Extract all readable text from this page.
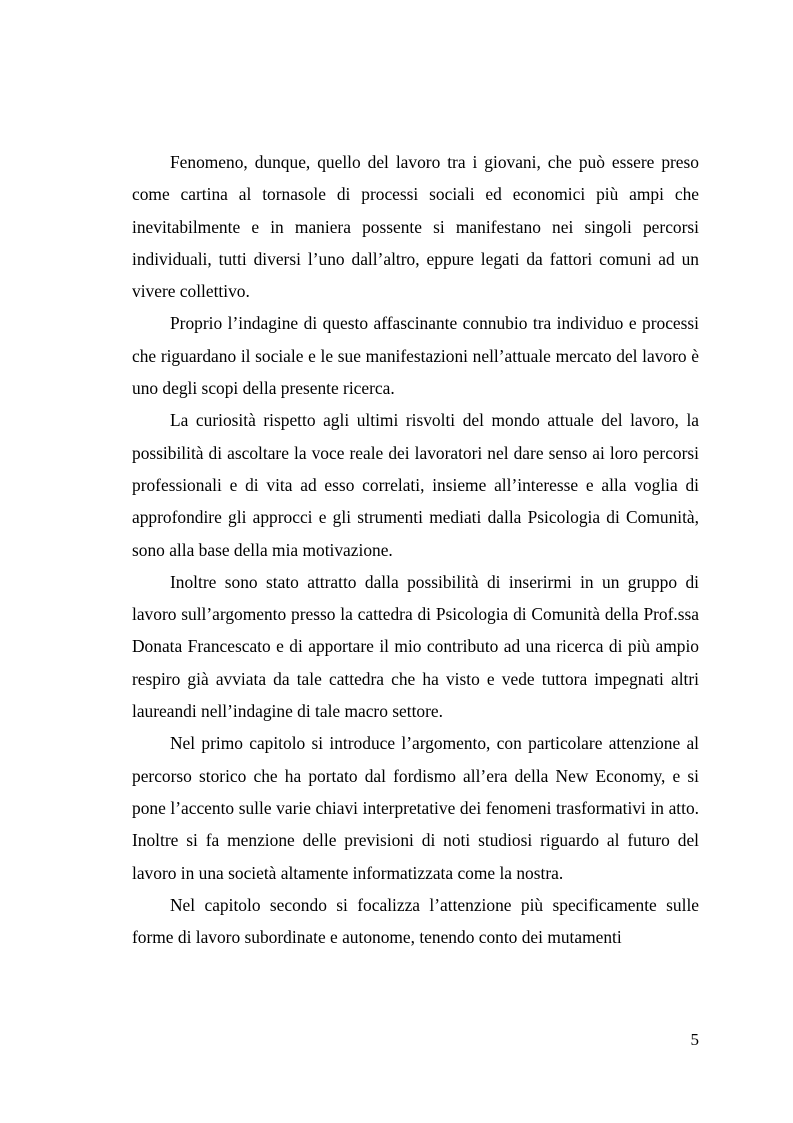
Fenomeno, dunque, quello del lavoro tra i giovani, che può essere preso come cartina al tornasole di processi sociali ed economici più ampi che inevitabilmente e in maniera possente si manifestano nei singoli percorsi individuali, tutti diversi l’uno dall’altro, eppure legati da fattori comuni ad un vivere collettivo.

Proprio l’indagine di questo affascinante connubio tra individuo e processi che riguardano il sociale e le sue manifestazioni nell’attuale mercato del lavoro è uno degli scopi della presente ricerca.

La curiosità rispetto agli ultimi risvolti del mondo attuale del lavoro, la possibilità di ascoltare la voce reale dei lavoratori nel dare senso ai loro percorsi professionali e di vita ad esso correlati, insieme all’interesse e alla voglia di approfondire gli approcci e gli strumenti mediati dalla Psicologia di Comunità, sono alla base della mia motivazione.

Inoltre sono stato attratto dalla possibilità di inserirmi in un gruppo di lavoro sull’argomento presso la cattedra di Psicologia di Comunità della Prof.ssa Donata Francescato e di apportare il mio contributo ad una ricerca di più ampio respiro già avviata da tale cattedra che ha visto e vede tuttora impegnati altri laureandi nell’indagine di tale macro settore.

Nel primo capitolo si introduce l’argomento, con particolare attenzione al percorso storico che ha portato dal fordismo all’era della New Economy, e si pone l’accento sulle varie chiavi interpretative dei fenomeni trasformativi in atto. Inoltre si fa menzione delle previsioni di noti studiosi riguardo al futuro del lavoro in una società altamente informatizzata come la nostra.

Nel capitolo secondo si focalizza l’attenzione più specificamente sulle forme di lavoro subordinate e autonome, tenendo conto dei mutamenti

5
